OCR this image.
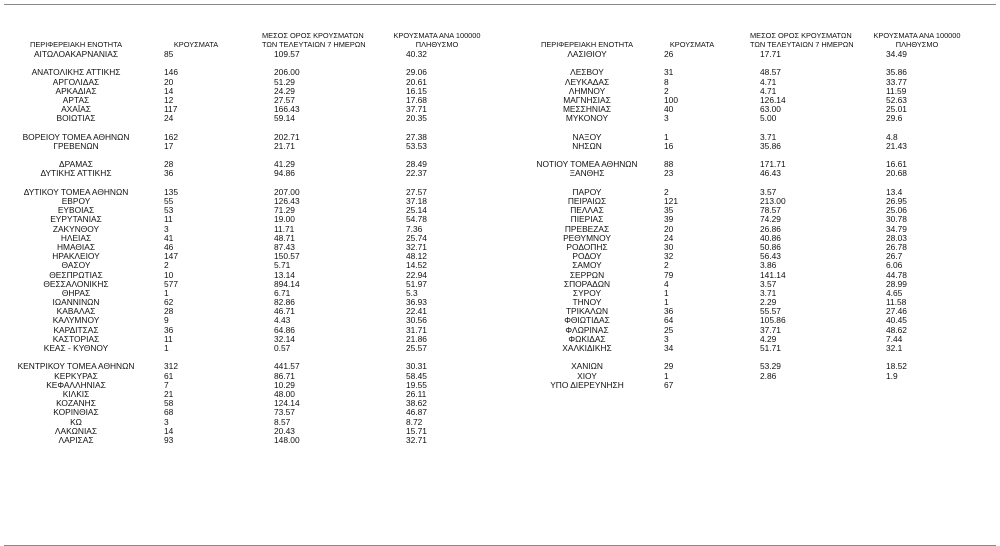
ΠΕΡΙΦΕΡΕΙΑΚΗ ΕΝΟΤΗΤΑ	ΚΡΟΥΣΜΑΤΑ
ΜΕΣΟΣ ΟΡΟΣ ΚΡΟΥΣΜΑΤΩΝ
ΤΩΝ ΤΕΛΕΥΤΑΙΩΝ 7 ΗΜΕΡΩΝ
ΚΡΟΥΣΜΑΤΑ ΑΝΑ 100000
ΠΛΗΘΥΣΜΟ
ΑΙΤΩΛΟΑΚΑΡΝΑΝΙΑΣ	85	109.57	40.32
ΑΝΑΤΟΛΙΚΗΣ ΑΤΤΙΚΗΣ	146	206.00	29.06
ΑΡΓΟΛΙΔΑΣ	20	51.29	20.61
ΑΡΚΑΔΙΑΣ	14	24.29	16.15
ΑΡΤΑΣ	12	27.57	17.68
ΑΧΑΪΑΣ	117	166.43	37.71
ΒΟΙΩΤΙΑΣ	24	59.14	20.35
ΒΟΡΕΙΟΥ ΤΟΜΕΑ ΑΘΗΝΩΝ	162	202.71	27.38
ΓΡΕΒΕΝΩΝ	17	21.71	53.53
ΔΡΑΜΑΣ	28	41.29	28.49
ΔΥΤΙΚΗΣ ΑΤΤΙΚΗΣ	36	94.86	22.37
ΔΥΤΙΚΟΥ ΤΟΜΕΑ ΑΘΗΝΩΝ	135	207.00	27.57
ΕΒΡΟΥ	55	126.43	37.18
ΕΥΒΟΙΑΣ	53	71.29	25.14
ΕΥΡΥΤΑΝΙΑΣ	11	19.00	54.78
ΖΑΚΥΝΘΟΥ	3	11.71	7.36
ΗΛΕΙΑΣ	41	48.71	25.74
ΗΜΑΘΙΑΣ	46	87.43	32.71
ΗΡΑΚΛΕΙΟΥ	147	150.57	48.12
ΘΑΣΟΥ	2	5.71	14.52
ΘΕΣΠΡΩΤΙΑΣ	10	13.14	22.94
ΘΕΣΣΑΛΟΝΙΚΗΣ	577	894.14	51.97
ΘΗΡΑΣ	1	6.71	5.3
ΙΩΑΝΝΙΝΩΝ	62	82.86	36.93
ΚΑΒΑΛΑΣ	28	46.71	22.41
ΚΑΛΥΜΝΟΥ	9	4.43	30.56
ΚΑΡΔΙΤΣΑΣ	36	64.86	31.71
ΚΑΣΤΟΡΙΑΣ	11	32.14	21.86
ΚΕΑΣ - ΚΥΘΝΟΥ	1	0.57	25.57
ΚΕΝΤΡΙΚΟΥ ΤΟΜΕΑ ΑΘΗΝΩΝ	312	441.57	30.31
ΚΕΡΚΥΡΑΣ	61	86.71	58.45
ΚΕΦΑΛΛΗΝΙΑΣ	7	10.29	19.55
ΚΙΛΚΙΣ	21	48.00	26.11
ΚΟΖΑΝΗΣ	58	124.14	38.62
ΚΟΡΙΝΘΙΑΣ	68	73.57	46.87
ΚΩ	3	8.57	8.72
ΛΑΚΩΝΙΑΣ	14	20.43	15.71
ΛΑΡΙΣΑΣ	93	148.00	32.71
ΠΕΡΙΦΕΡΕΙΑΚΗ ΕΝΟΤΗΤΑ	ΚΡΟΥΣΜΑΤΑ
ΜΕΣΟΣ ΟΡΟΣ ΚΡΟΥΣΜΑΤΩΝ
ΤΩΝ ΤΕΛΕΥΤΑΙΩΝ 7 ΗΜΕΡΩΝ
ΚΡΟΥΣΜΑΤΑ ΑΝΑ 100000
ΠΛΗΘΥΣΜΟ
ΛΑΣΙΘΙΟΥ	26	17.71	34.49
ΛΕΣΒΟΥ	31	48.57	35.86
ΛΕΥΚΑΔΑΣ	8	4.71	33.77
ΛΗΜΝΟΥ	2	4.71	11.59
ΜΑΓΝΗΣΙΑΣ	100	126.14	52.63
ΜΕΣΣΗΝΙΑΣ	40	63.00	25.01
ΜΥΚΟΝΟΥ	3	5.00	29.6
ΝΑΞΟΥ	1	3.71	4.8
ΝΗΣΩΝ	16	35.86	21.43
ΝΟΤΙΟΥ ΤΟΜΕΑ ΑΘΗΝΩΝ	88	171.71	16.61
ΞΑΝΘΗΣ	23	46.43	20.68
ΠΑΡΟΥ	2	3.57	13.4
ΠΕΙΡΑΙΩΣ	121	213.00	26.95
ΠΕΛΛΑΣ	35	78.57	25.06
ΠΙΕΡΙΑΣ	39	74.29	30.78
ΠΡΕΒΕΖΑΣ	20	26.86	34.79
ΡΕΘΥΜΝΟΥ	24	40.86	28.03
ΡΟΔΟΠΗΣ	30	50.86	26.78
ΡΟΔΟΥ	32	56.43	26.7
ΣΑΜΟΥ	2	3.86	6.06
ΣΕΡΡΩΝ	79	141.14	44.78
ΣΠΟΡΑΔΩΝ	4	3.57	28.99
ΣΥΡΟΥ	1	3.71	4.65
ΤΗΝΟΥ	1	2.29	11.58
ΤΡΙΚΑΛΩΝ	36	55.57	27.46
ΦΘΙΩΤΙΔΑΣ	64	105.86	40.45
ΦΛΩΡΙΝΑΣ	25	37.71	48.62
ΦΩΚΙΔΑΣ	3	4.29	7.44
ΧΑΛΚΙΔΙΚΗΣ	34	51.71	32.1
ΧΑΝΙΩΝ	29	53.29	18.52
ΧΙΟΥ	1	2.86	1.9
ΥΠΟ ΔΙΕΡΕΥΝΗΣΗ	67
